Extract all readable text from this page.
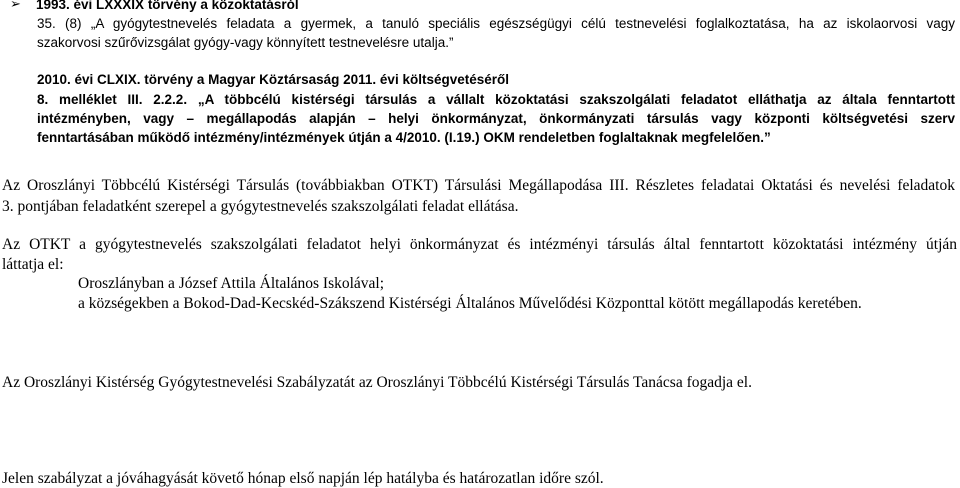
➢ 1993. évi LXXXIX törvény a közoktatásról
35. (8) „A gyógytestnevelés feladata a gyermek, a tanuló speciális egészségügyi célú testnevelési foglalkoztatása, ha az iskolaorvosi vagy
szakorvosi szűrővizsgálat gyógy-vagy könnyített testnevelésre utalja.”
2010. évi CLXIX. törvény a Magyar Köztársaság 2011. évi költségvetéséről
8. melléklet III. 2.2.2. „A többcélú kistérségi társulás a vállalt közoktatási szakszolgálati feladatot elláthatja az általa fenntartott
intézményben, vagy – megállapodás alapján – helyi önkormányzat, önkormányzati társulás vagy központi költségvetési szerv
fenntartásában működő intézmény/intézmények útján a 4/2010. (I.19.) OKM rendeletben foglaltaknak megfelelően.”
Az Oroszlányi Többcélú Kistérségi Társulás (továbbiakban OTKT) Társulási Megállapodása III. Részletes feladatai Oktatási és nevelési feladatok
3. pontjában feladatként szerepel a gyógytestnevelés szakszolgálati feladat ellátása.
Az OTKT a gyógytestnevelés szakszolgálati feladatot helyi önkormányzat és intézményi társulás által fenntartott közoktatási intézmény útján
láttatja el:
Oroszlányban a József Attila Általános Iskolával;
a községekben a Bokod-Dad-Kecskéd-Szákszend Kistérségi Általános Művelődési Központtal kötött megállapodás keretében.
Az Oroszlányi Kistérség Gyógytestnevelési Szabályzatát az Oroszlányi Többcélú Kistérségi Társulás Tanácsa fogadja el.
Jelen szabályzat a jóváhagyását követő hónap első napján lép hatályba és határozatlan időre szól.
